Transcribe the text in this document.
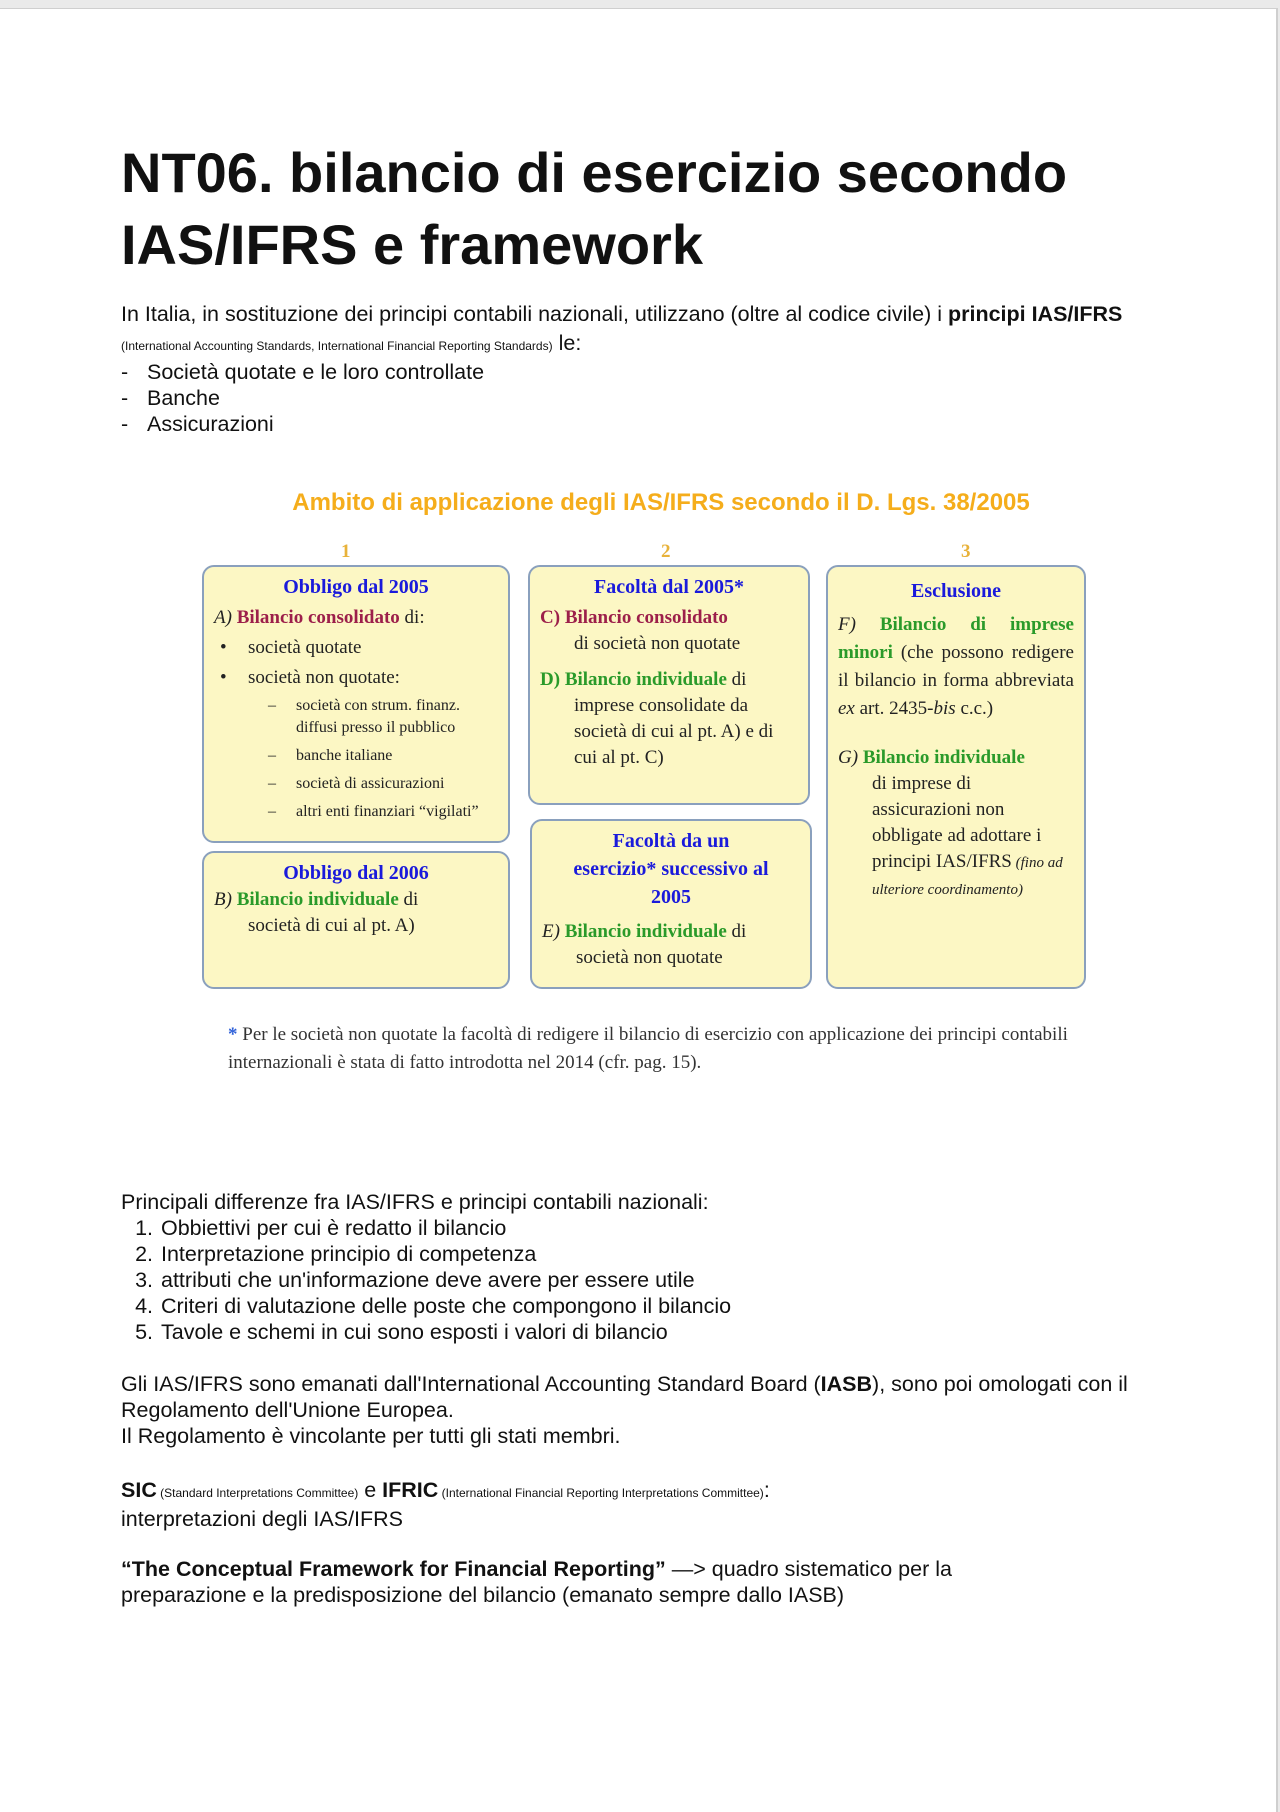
NT06. bilancio di esercizio secondo IAS/IFRS e framework

In Italia, in sostituzione dei principi contabili nazionali, utilizzano (oltre al codice civile) i principi IAS/IFRS (International Accounting Standards, International Financial Reporting Standards) le:

- Società quotate e le loro controllate
- Banche
- Assicurazioni
Ambito di applicazione degli IAS/IFRS secondo il D. Lgs. 38/2005
1	2	3
Obbligo dal 2005
A) Bilancio consolidato di:
• società quotate
• società non quotate:
– società con strum. finanz. diffusi presso il pubblico
– banche italiane
– società di assicurazioni
– altri enti finanziari “vigilati”
Obbligo dal 2006
B) Bilancio individuale di
società di cui al pt. A)
Facoltà dal 2005*
C) Bilancio consolidato
di società non quotate
D) Bilancio individuale di
imprese consolidate da società di cui al pt. A) e di cui al pt. C)
Facoltà da un esercizio* successivo al 2005
E) Bilancio individuale di
società non quotate
Esclusione
F) Bilancio di imprese minori (che possono redigere il bilancio in forma abbreviata ex art. 2435-bis c.c.)
G) Bilancio individuale
di imprese di assicurazioni non obbligate ad adottare i principi IAS/IFRS (fino ad ulteriore coordinamento)
* Per le società non quotate la facoltà di redigere il bilancio di esercizio con applicazione dei principi contabili internazionali è stata di fatto introdotta nel 2014 (cfr. pag. 15).

Principali differenze fra IAS/IFRS e principi contabili nazionali:

1. Obbiettivi per cui è redatto il bilancio
2. Interpretazione principio di competenza
3. attributi che un'informazione deve avere per essere utile
4. Criteri di valutazione delle poste che compongono il bilancio
5. Tavole e schemi in cui sono esposti i valori di bilancio

Gli IAS/IFRS sono emanati dall'International Accounting Standard Board (IASB), sono poi omologati con il Regolamento dell'Unione Europea.

Il Regolamento è vincolante per tutti gli stati membri.

SIC (Standard Interpretations Committee) e IFRIC (International Financial Reporting Interpretations Committee):

interpretazioni degli IAS/IFRS

“The Conceptual Framework for Financial Reporting” —> quadro sistematico per la preparazione e la predisposizione del bilancio (emanato sempre dallo IASB)
